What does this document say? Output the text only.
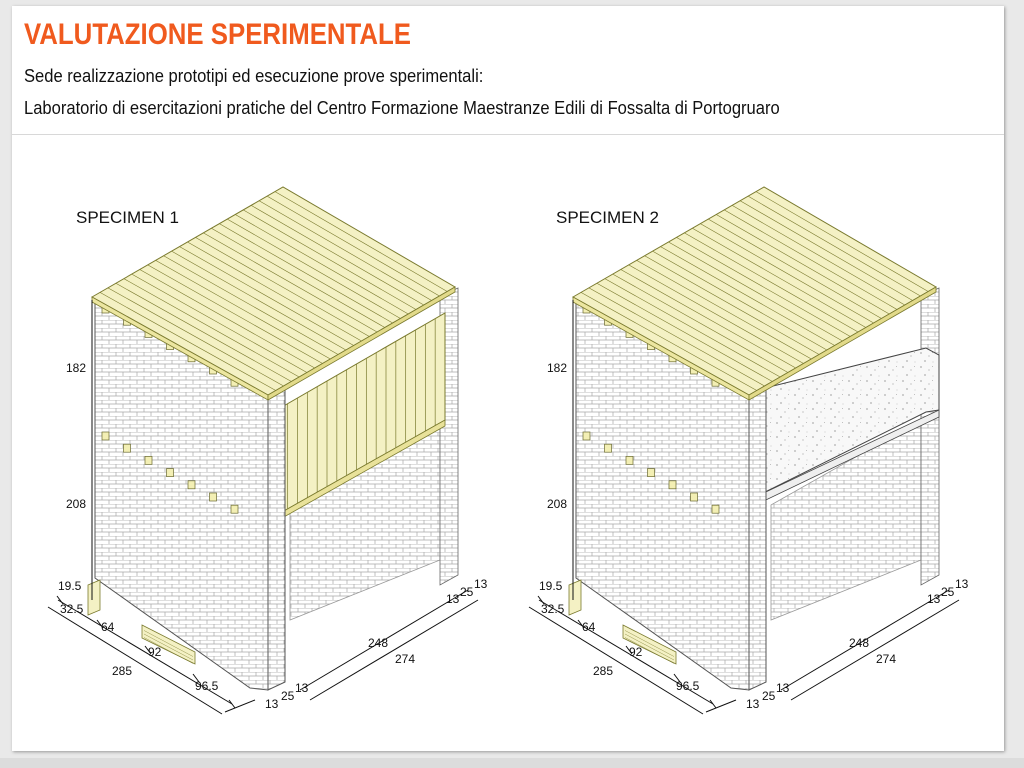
VALUTAZIONE SPERIMENTALE
Sede realizzazione prototipi ed esecuzione prove sperimentali:
Laboratorio di esercitazioni pratiche del Centro Formazione Maestranze Edili di Fossalta di Portogruaro
SPECIMEN 1	SPECIMEN 2
182
208
19.5
32.5
64
92
285
96.5
248
274
13
25
13
13 25
13
182
208
19.5
32.5
64
92
285
96.5
248
274
13
25
13
13 25
13
